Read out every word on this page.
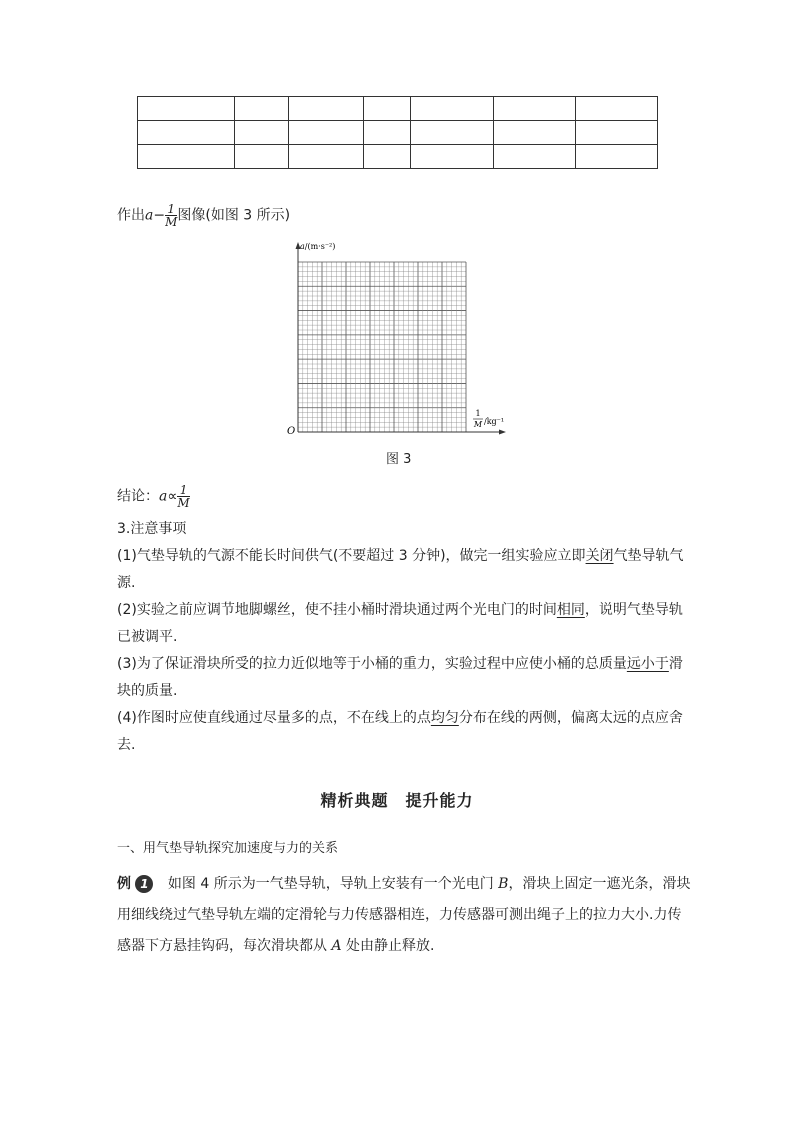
作出$a- \frac{1}{M}$ 图像(如图 3 所示)
a/(m·s⁻²)
1
M /kg⁻¹
O
图 3
结论：$a\propto \frac{1}{M}$
3.注意事项
(1)气垫导轨的气源不能长时间供气(不要超过 3 分钟)，做完一组实验应立即关闭气垫导轨气
源.
(2)实验之前应调节地脚螺丝，使不挂小桶时滑块通过两个光电门的时间相同，说明气垫导轨
已被调平.
(3)为了保证滑块所受的拉力近似地等于小桶的重力，实验过程中应使小桶的总质量远小于滑
块的质量.
(4)作图时应使直线通过尽量多的点，不在线上的点均匀分布在线的两侧，偏离太远的点应舍
去.
精析典题　提升能力
一、用气垫导轨探究加速度与力的关系
例 1 如图 4 所示为一气垫导轨，导轨上安装有一个光电门 B，滑块上固定一遮光条，滑块
用细线绕过气垫导轨左端的定滑轮与力传感器相连，力传感器可测出绳子上的拉力大小.力传
感器下方悬挂钩码，每次滑块都从 A 处由静止释放.
